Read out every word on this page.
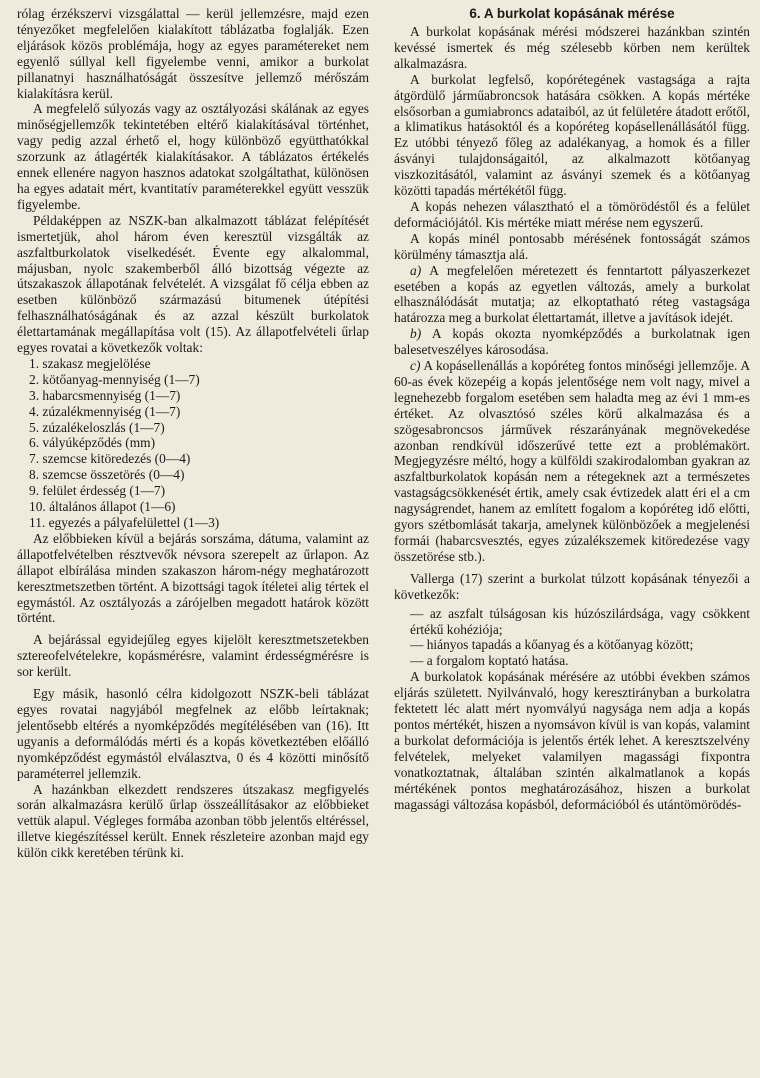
rólag érzékszervi vizsgálattal — kerül jellemzésre, majd ezen tényezőket megfelelően kialakított táblázatba foglalják. Ezen eljárások közös problémája, hogy az egyes paramétereket nem egyenlő súllyal kell figyelembe venni, amikor a burkolat pillanatnyi használhatóságát összesítve jellemző mérőszám kialakításra kerül.

A megfelelő súlyozás vagy az osztályozási skálának az egyes minőségjellemzők tekintetében eltérő kialakításával történhet, vagy pedig azzal érhető el, hogy különböző együtthatókkal szorzunk az átlagérték kialakításakor. A táblázatos értékelés ennek ellenére nagyon hasznos adatokat szolgáltathat, különösen ha egyes adatait mért, kvantitatív paraméterekkel együtt vesszük figyelembe.

Példaképpen az NSZK-ban alkalmazott táblázat felépítését ismertetjük, ahol három éven keresztül vizsgálták az aszfaltburkolatok viselkedését. Évente egy alkalommal, májusban, nyolc szakemberből álló bizottság végezte az útszakaszok állapotának felvételét. A vizsgálat fő célja ebben az esetben különböző származású bitumenek útépítési felhasználhatóságának és az azzal készült burkolatok élettartamának megállapítása volt (15). Az állapotfelvételi űrlap egyes rovatai a következők voltak:

1. szakasz megjelölése
2. kötőanyag-mennyiség (1—7)
3. habarcsmennyiség (1—7)
4. zúzalékmennyiség (1—7)
5. zúzalékeloszlás (1—7)
6. vályúképződés (mm)
7. szemcse kitöredezés (0—4)
8. szemcse összetörés (0—4)
9. felület érdesség (1—7)
10. általános állapot (1—6)
11. egyezés a pályafelülettel (1—3)

Az előbbieken kívül a bejárás sorszáma, dátuma, valamint az állapotfelvételben résztvevők névsora szerepelt az űrlapon. Az állapot elbírálása minden szakaszon három-négy meghatározott keresztmetszetben történt. A bizottsági tagok ítéletei alig tértek el egymástól. Az osztályozás a zárójelben megadott határok között történt.

A bejárással egyidejűleg egyes kijelölt keresztmetszetekben sztereofelvételekre, kopásmérésre, valamint érdességmérésre is sor került.

Egy másik, hasonló célra kidolgozott NSZK-beli táblázat egyes rovatai nagyjából megfelnek az előbb leírtaknak; jelentősebb eltérés a nyomképződés megítélésében van (16). Itt ugyanis a deformálódás mérti és a kopás következtében előálló nyomképződést egymástól elválasztva, 0 és 4 közötti minősítő paraméterrel jellemzik.

A hazánkban elkezdett rendszeres útszakasz megfigyelés során alkalmazásra kerülő űrlap összeállításakor az előbbieket vettük alapul. Végleges formába azonban több jelentős eltéréssel, illetve kiegészítéssel került. Ennek részleteire azonban majd egy külön cikk keretében térünk ki.

6. A burkolat kopásának mérése

A burkolat kopásának mérési módszerei hazánkban szintén kevéssé ismertek és még szélesebb körben nem kerültek alkalmazásra.

A burkolat legfelső, kopórétegének vastagsága a rajta átgördülő járműabroncsok hatására csökken. A kopás mértéke elsősorban a gumiabroncs adataiból, az út felületére átadott erőtől, a klimatikus hatásoktól és a kopóréteg kopásellenállásától függ. Ez utóbbi tényező főleg az adalékanyag, a homok és a filler ásványi tulajdonságaitól, az alkalmazott kötőanyag viszkozitásától, valamint az ásványi szemek és a kötőanyag közötti tapadás mértékétől függ.

A kopás nehezen választható el a tömörödéstől és a felület deformációjától. Kis mértéke miatt mérése nem egyszerű.

A kopás minél pontosabb mérésének fontosságát számos körülmény támasztja alá.

a) A megfelelően méretezett és fenntartott pályaszerkezet esetében a kopás az egyetlen változás, amely a burkolat elhasználódását mutatja; az elkoptatható réteg vastagsága határozza meg a burkolat élettartamát, illetve a javítások idejét.

b) A kopás okozta nyomképződés a burkolatnak igen balesetveszélyes károsodása.

c) A kopásellenállás a kopóréteg fontos minőségi jellemzője. A 60-as évek közepéig a kopás jelentősége nem volt nagy, mivel a legnehezebb forgalom esetében sem haladta meg az évi 1 mm-es értéket. Az olvasztósó széles körű alkalmazása és a szögesabroncsos járművek részarányának megnövekedése azonban rendkívül időszerűvé tette ezt a problémakört. Megjegyzésre méltó, hogy a külföldi szakirodalomban gyakran az aszfaltburkolatok kopásán nem a rétegeknek azt a természetes vastagságcsökkenését értik, amely csak évtizedek alatt éri el a cm nagyságrendet, hanem az említett fogalom a kopóréteg idő előtti, gyors szétbomlását takarja, amelynek különbözőek a megjelenési formái (habarcsvesztés, egyes zúzalékszemek kitöredezése vagy összetörése stb.).

Vallerga (17) szerint a burkolat túlzott kopásának tényezői a következők:

— az aszfalt túlságosan kis húzószilárdsága, vagy csökkent értékű kohéziója;
— hiányos tapadás a kőanyag és a kötőanyag között;
— a forgalom koptató hatása.

A burkolatok kopásának mérésére az utóbbi években számos eljárás született. Nyilvánvaló, hogy keresztirányban a burkolatra fektetett léc alatt mért nyomvályú nagysága nem adja a kopás pontos mértékét, hiszen a nyomsávon kívül is van kopás, valamint a burkolat deformációja is jelentős érték lehet. A keresztszelvény felvételek, melyeket valamilyen magassági fixpontra vonatkoztatnak, általában szintén alkalmatlanok a kopás mértékének pontos meghatározásához, hiszen a burkolat magassági változása kopásból, deformációból és utántömörödés-
